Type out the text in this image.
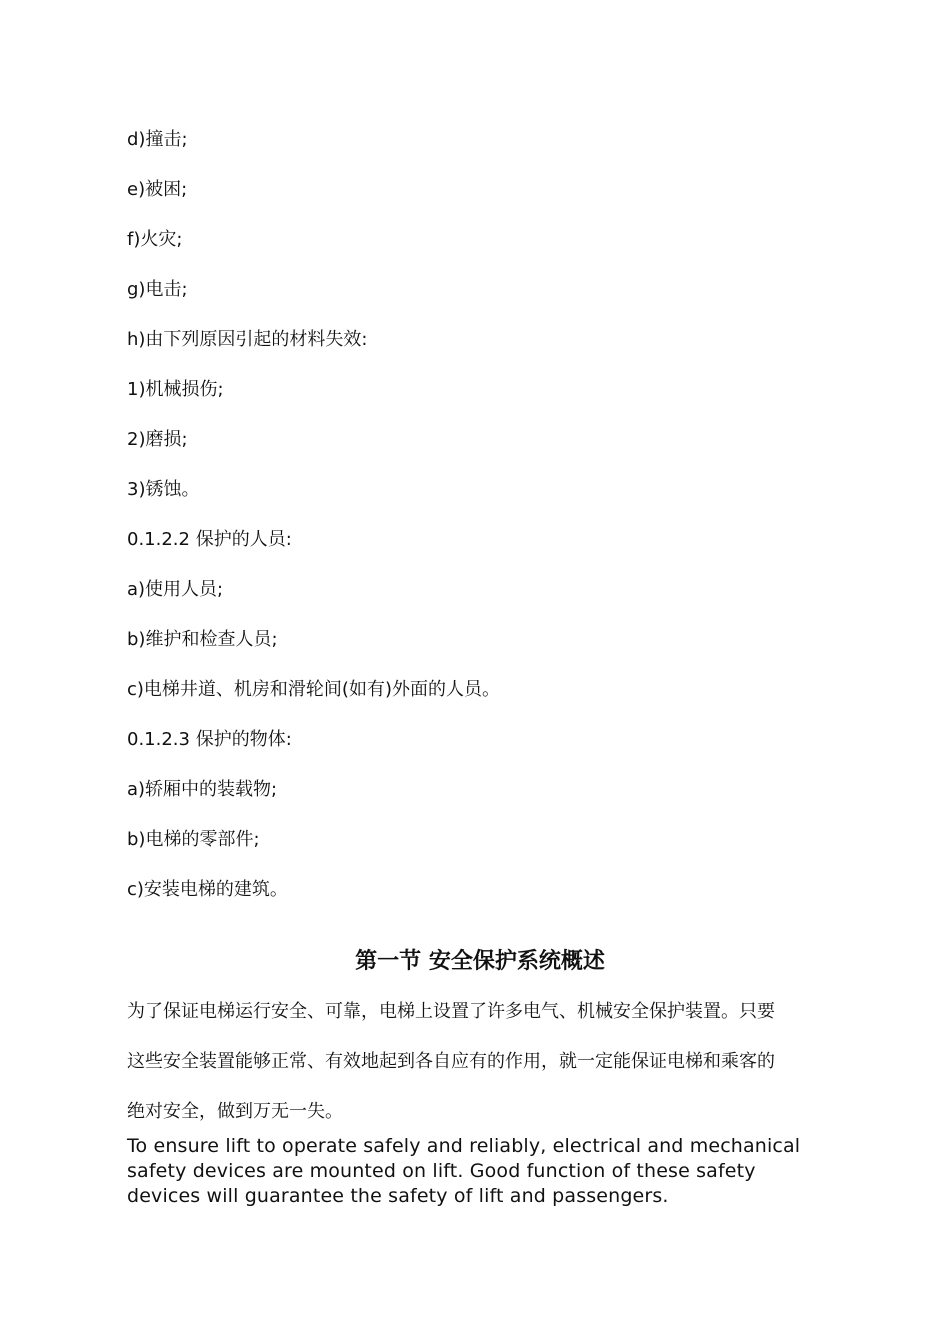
d)撞击;
e)被困;
f)火灾;
g)电击;
h)由下列原因引起的材料失效:
1)机械损伤;
2)磨损;
3)锈蚀。
0.1.2.2 保护的人员:
a)使用人员;
b)维护和检查人员;
c)电梯井道、机房和滑轮间(如有)外面的人员。
0.1.2.3 保护的物体:
a)轿厢中的装载物;
b)电梯的零部件;
c)安装电梯的建筑。
第一节 安全保护系统概述
为了保证电梯运行安全、可靠，电梯上设置了许多电气、机械安全保护装置。只要
这些安全装置能够正常、有效地起到各自应有的作用，就一定能保证电梯和乘客的
绝对安全，做到万无一失。
To ensure lift to operate safely and reliably, electrical and mechanical safety devices are mounted on lift. Good function of these safety devices will guarantee the safety of lift and passengers.
